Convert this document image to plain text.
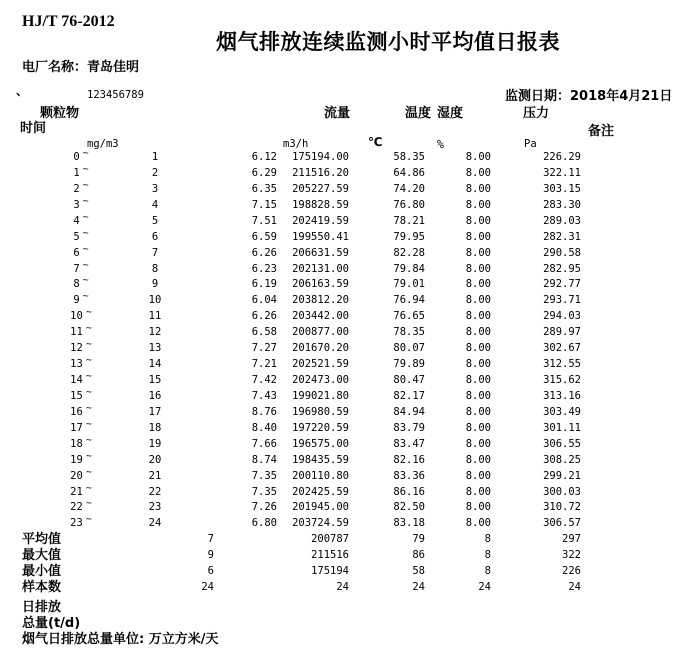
HJ/T 76-2012
烟气排放连续监测小时平均值日报表
电厂名称：青岛佳明
、	123456789	监测日期：2018年4月21日
颗粒物	流量	温度 湿度	压力
时间	备注
mg/m3	m3/h	℃	%	Pa
0 ~	1	6.12	175194.00	58.35	8.00	226.29
1 ~	2	6.29	211516.20	64.86	8.00	322.11
2 ~	3	6.35	205227.59	74.20	8.00	303.15
3 ~	4	7.15	198828.59	76.80	8.00	283.30
4 ~	5	7.51	202419.59	78.21	8.00	289.03
5 ~	6	6.59	199550.41	79.95	8.00	282.31
6 ~	7	6.26	206631.59	82.28	8.00	290.58
7 ~	8	6.23	202131.00	79.84	8.00	282.95
8 ~	9	6.19	206163.59	79.01	8.00	292.77
9 ~	10	6.04	203812.20	76.94	8.00	293.71
10 ~	11	6.26	203442.00	76.65	8.00	294.03
11 ~	12	6.58	200877.00	78.35	8.00	289.97
12 ~	13	7.27	201670.20	80.07	8.00	302.67
13 ~	14	7.21	202521.59	79.89	8.00	312.55
14 ~	15	7.42	202473.00	80.47	8.00	315.62
15 ~	16	7.43	199021.80	82.17	8.00	313.16
16 ~	17	8.76	196980.59	84.94	8.00	303.49
17 ~	18	8.40	197220.59	83.79	8.00	301.11
18 ~	19	7.66	196575.00	83.47	8.00	306.55
19 ~	20	8.74	198435.59	82.16	8.00	308.25
20 ~	21	7.35	200110.80	83.36	8.00	299.21
21 ~	22	7.35	202425.59	86.16	8.00	300.03
22 ~	23	7.26	201945.00	82.50	8.00	310.72
23 ~	24	6.80	203724.59	83.18	8.00	306.57
平均值	7	200787	79	8	297
最大值	9	211516	86	8	322
最小值	6	175194	58	8	226
样本数	24	24	24	24	24
日排放
总量(t/d)
烟气日排放总量单位: 万立方米/天
